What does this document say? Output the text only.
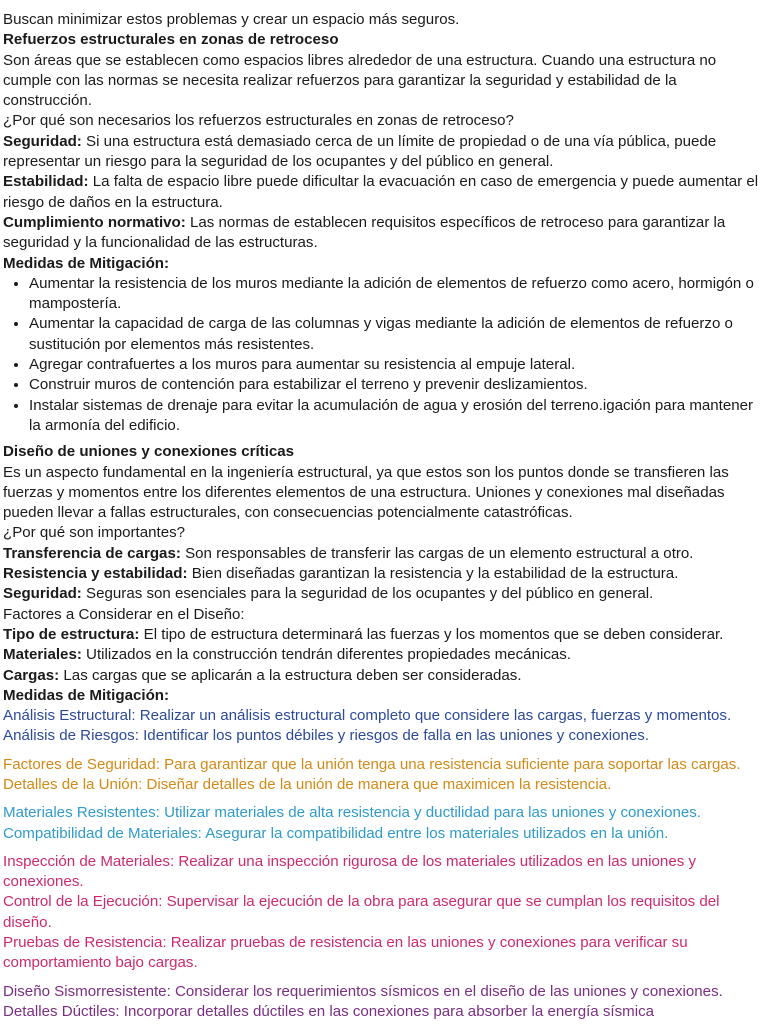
Buscan minimizar estos problemas y crear un espacio más seguros.

Refuerzos estructurales en zonas de retroceso

Son áreas que se establecen como espacios libres alrededor de una estructura. Cuando una estructura no cumple con las normas se necesita realizar refuerzos para garantizar la seguridad y estabilidad de la construcción.

¿Por qué son necesarios los refuerzos estructurales en zonas de retroceso?

Seguridad: Si una estructura está demasiado cerca de un límite de propiedad o de una vía pública, puede representar un riesgo para la seguridad de los ocupantes y del público en general.

Estabilidad: La falta de espacio libre puede dificultar la evacuación en caso de emergencia y puede aumentar el riesgo de daños en la estructura.

Cumplimiento normativo: Las normas de establecen requisitos específicos de retroceso para garantizar la seguridad y la funcionalidad de las estructuras.

Medidas de Mitigación:

• Aumentar la resistencia de los muros mediante la adición de elementos de refuerzo como acero, hormigón o mampostería.
• Aumentar la capacidad de carga de las columnas y vigas mediante la adición de elementos de refuerzo o sustitución por elementos más resistentes.
• Agregar contrafuertes a los muros para aumentar su resistencia al empuje lateral.
• Construir muros de contención para estabilizar el terreno y prevenir deslizamientos.
• Instalar sistemas de drenaje para evitar la acumulación de agua y erosión del terreno.igación para mantener la armonía del edificio.

Diseño de uniones y conexiones críticas

Es un aspecto fundamental en la ingeniería estructural, ya que estos son los puntos donde se transfieren las fuerzas y momentos entre los diferentes elementos de una estructura. Uniones y conexiones mal diseñadas pueden llevar a fallas estructurales, con consecuencias potencialmente catastróficas.

¿Por qué son importantes?

Transferencia de cargas: Son responsables de transferir las cargas de un elemento estructural a otro.

Resistencia y estabilidad: Bien diseñadas garantizan la resistencia y la estabilidad de la estructura.

Seguridad: Seguras son esenciales para la seguridad de los ocupantes y del público en general.

Factores a Considerar en el Diseño:

Tipo de estructura: El tipo de estructura determinará las fuerzas y los momentos que se deben considerar.

Materiales: Utilizados en la construcción tendrán diferentes propiedades mecánicas.

Cargas: Las cargas que se aplicarán a la estructura deben ser consideradas.

Medidas de Mitigación:

Análisis Estructural: Realizar un análisis estructural completo que considere las cargas, fuerzas y momentos.

Análisis de Riesgos: Identificar los puntos débiles y riesgos de falla en las uniones y conexiones.

Factores de Seguridad: Para garantizar que la unión tenga una resistencia suficiente para soportar las cargas.

Detalles de la Unión: Diseñar detalles de la unión de manera que maximicen la resistencia.

Materiales Resistentes: Utilizar materiales de alta resistencia y ductilidad para las uniones y conexiones.

Compatibilidad de Materiales: Asegurar la compatibilidad entre los materiales utilizados en la unión.

Inspección de Materiales: Realizar una inspección rigurosa de los materiales utilizados en las uniones y conexiones.

Control de la Ejecución: Supervisar la ejecución de la obra para asegurar que se cumplan los requisitos del diseño.

Pruebas de Resistencia: Realizar pruebas de resistencia en las uniones y conexiones para verificar su comportamiento bajo cargas.

Diseño Sismorresistente: Considerar los requerimientos sísmicos en el diseño de las uniones y conexiones.

Detalles Dúctiles: Incorporar detalles dúctiles en las conexiones para absorber la energía sísmica
